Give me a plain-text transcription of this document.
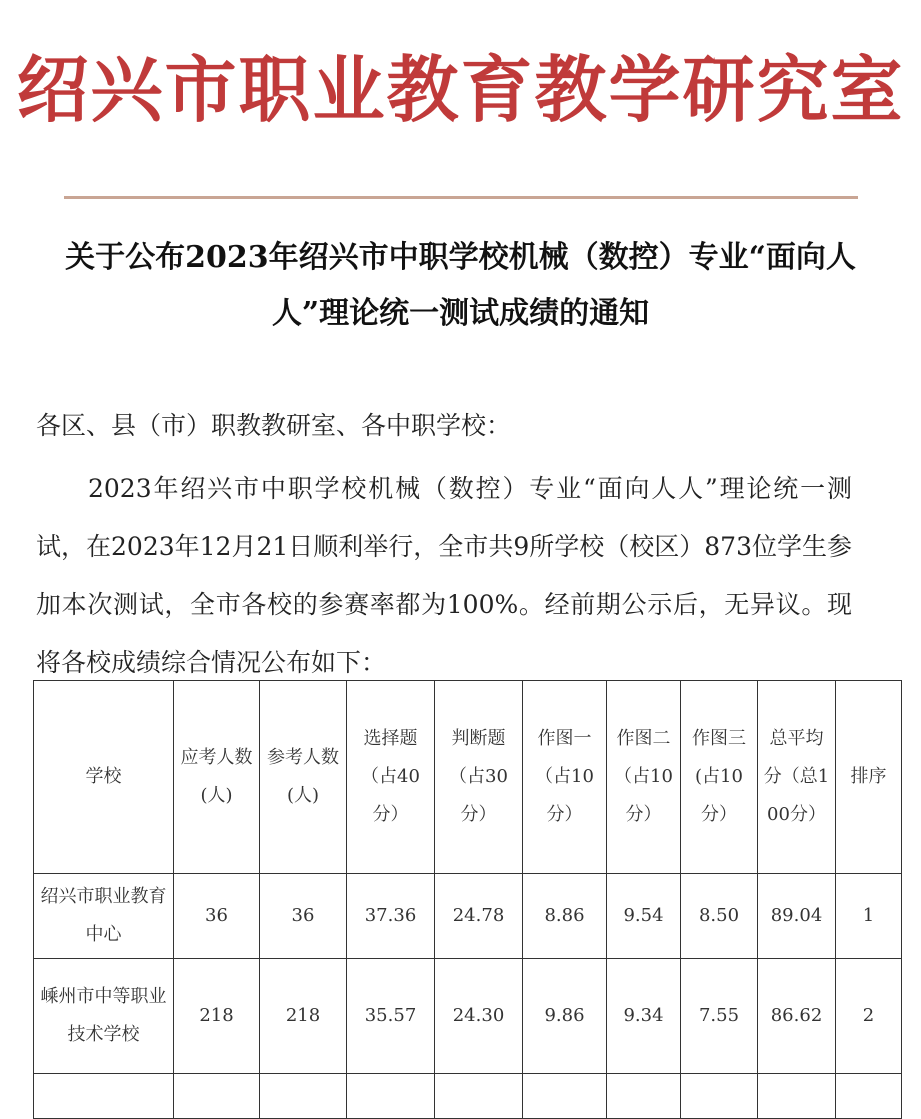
绍兴市职业教育教学研究室
关于公布2023年绍兴市中职学校机械（数控）专业“面向人人”理论统一测试成绩的通知
各区、县（市）职教教研室、各中职学校：
2023年绍兴市中职学校机械（数控）专业“面向人人”理论统一测试，在2023年12月21日顺利举行，全市共9所学校（校区）873位学生参加本次测试，全市各校的参赛率都为100%。经前期公示后，无异议。现将各校成绩综合情况公布如下：
学校	应考人数(人)	参考人数(人)	选择题（占40分）	判断题（占30分）	作图一（占10分）	作图二（占10分）	作图三(占10分）	总平均分（总100分）	排序
绍兴市职业教育中心	36	36	37.36	24.78	8.86	9.54	8.50	89.04	1
嵊州市中等职业技术学校	218	218	35.57	24.30	9.86	9.34	7.55	86.62	2
